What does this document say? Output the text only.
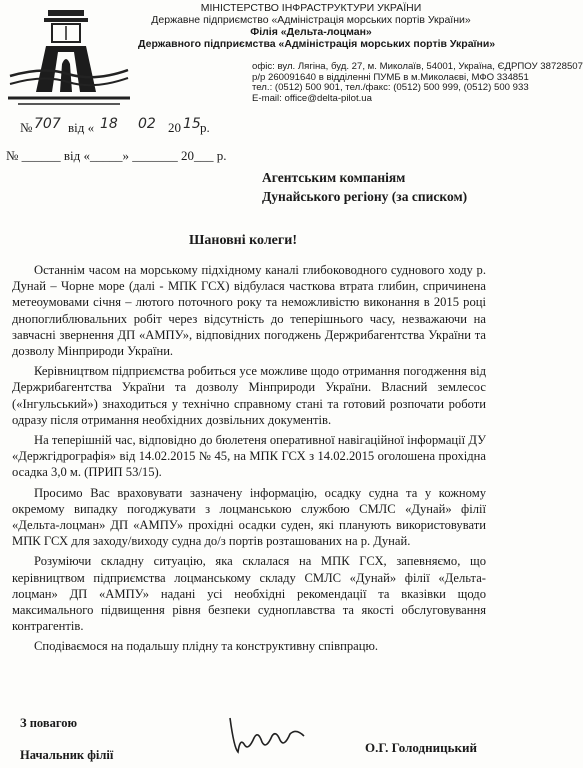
МІНІСТЕРСТВО ІНФРАСТРУКТУРИ УКРАЇНИ
Державне підприємство «Адміністрація морських портів України»
Філія «Дельта-лоцман»
Державного підприємства «Адміністрація морських портів України»
офіс: вул. Лягіна, буд. 27, м. Миколаїв, 54001, Україна, ЄДРПОУ 38728507
р/р 260091640 в відділенні ПУМБ в м.Миколаєві, МФО 334851
тел.: (0512) 500 901, тел./факс: (0512) 500 999, (0512) 500 933
E-mail: office@delta-pilot.ua
№ 707 від « 18 02 20 15 р.
№ ______ від «_____» _______ 20___ р.
Агентським компаніям
Дунайського регіону (за списком)
Шановні колеги!

Останнім часом на морському підхідному каналі глибоководного суднового ходу р. Дунай – Чорне море (далі - МПК ГСХ) відбулася часткова втрата глибин, спричинена метеоумовами січня – лютого поточного року та неможливістю виконання в 2015 році днопоглиблювальних робіт через відсутність до теперішнього часу, незважаючи на завчасні звернення ДП «АМПУ», відповідних погоджень Держрибагентства України та дозволу Мінприроди України.

Керівництвом підприємства робиться усе можливе щодо отримання погодження від Держрибагентства України та дозволу Мінприроди України. Власний землесос («Інгульський») знаходиться у технічно справному стані та готовий розпочати роботи одразу після отримання необхідних дозвільних документів.

На теперішній час, відповідно до бюлетеня оперативної навігаційної інформації ДУ «Держгідрографія» від 14.02.2015 № 45, на МПК ГСХ з 14.02.2015 оголошена прохідна осадка 3,0 м. (ПРИП 53/15).

Просимо Вас враховувати зазначену інформацію, осадку судна та у кожному окремому випадку погоджувати з лоцманською службою СМЛС «Дунай» філії «Дельта-лоцман» ДП «АМПУ» прохідні осадки суден, які планують використовувати МПК ГСХ для заходу/виходу судна до/з портів розташованих на р. Дунай.

Розуміючи складну ситуацію, яка склалася на МПК ГСХ, запевняємо, що керівництвом підприємства лоцманському складу СМЛС «Дунай» філії «Дельта-лоцман» ДП «АМПУ» надані усі необхідні рекомендації та вказівки щодо максимального підвищення рівня безпеки судноплавства та якості обслуговування контрагентів.

Сподіваємося на подальшу плідну та конструктивну співпрацю.

З повагою
Начальник філії	О.Г. Голодницький
